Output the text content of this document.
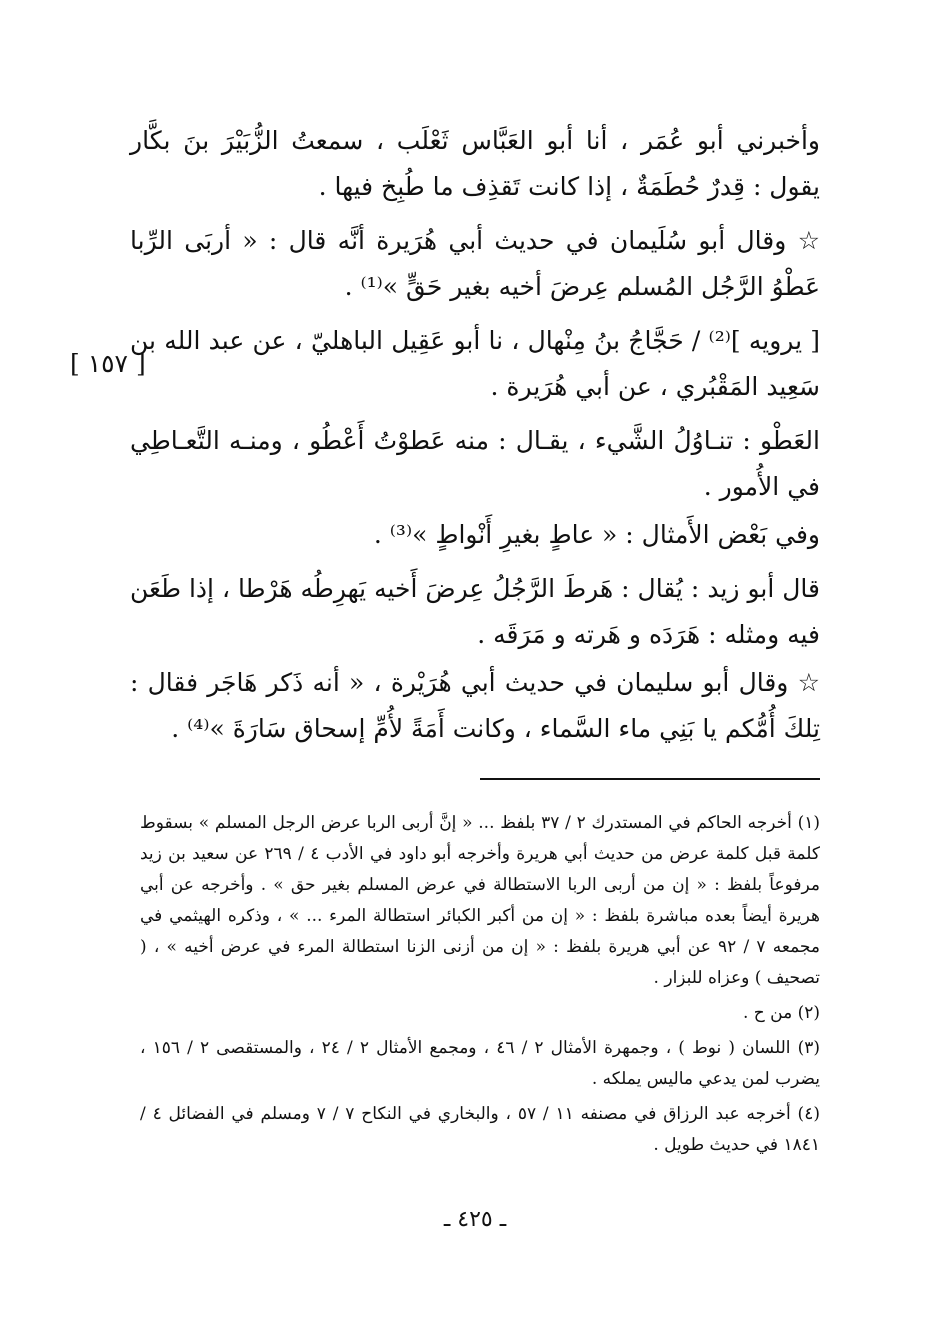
وأخبرني أبو عُمَر ، أنا أبو العَبَّاس ثَعْلَب ، سمعتُ الزُّبَيْرَ بنَ بكَّار يقول : قِدرٌ حُطَمَةٌ ، إذا كانت تَقذِف ما طُبِخ فيها .

☆ وقال أبو سُلَيمان في حديث أبي هُرَيرة أنَّه قال : « أربَى الرِّبا عَطْوُ الرَّجُل المُسلم عِرضَ أخيه بغير حَقٍّ »⁽¹⁾ .

[ يرويه ]⁽²⁾ / حَجَّاجُ بنُ مِنْهال ، نا أبو عَقِيل الباهليّ ، عن عبد الله بن سَعِيد المَقْبُري ، عن أبي هُرَيرة .

العَطْو : تنـاوُلُ الشَّيء ، يقـال : منه عَطوْتُ أَعْطُو ، ومنـه التَّعـاطِي في الأُمور .

وفي بَعْض الأَمثال : « عاطٍ بغيرِ أَنْواطٍ »⁽³⁾ .

قال أبو زيد : يُقال : هَرطَ الرَّجُلُ عِرضَ أَخيه يَهرِطُه هَرْطا ، إذا طَعَن فيه ومثله : هَرَدَه و هَرته و مَرَقَه .

☆ وقال أبو سليمان في حديث أبي هُرَيْرة ، « أنه ذَكر هَاجَر فقال : تِلكَ أُمُّكم يا بَنِي ماء السَّماء ، وكانت أَمَةً لأُمِّ إسحاق سَارَةَ »⁽⁴⁾ .

[ ١٥٧ ]

(١) أخرجه الحاكم في المستدرك ٢ / ٣٧ بلفظ ... « إنَّ أربى الربا عرض الرجل المسلم » بسقوط كلمة قبل كلمة عرض من حديث أبي هريرة وأخرجه أبو داود في الأدب ٤ / ٢٦٩ عن سعيد بن زيد مرفوعاً بلفظ : « إن من أربى الربا الاستطالة في عرض المسلم بغير حق » . وأخرجه عن أبي هريرة أيضاً بعده مباشرة بلفظ : « إن من أكبر الكبائر استطالة المرء ... » ، وذكره الهيثمي في مجمعه ٧ / ٩٢ عن أبي هريرة بلفظ : « إن من أزنى الزنا استطالة المرء في عرض أخيه » ، ( تصحيف ) وعزاه للبزار .

(٢) من ح .

(٣) اللسان ( نوط ) ، وجمهرة الأمثال ٢ / ٤٦ ، ومجمع الأمثال ٢ / ٢٤ ، والمستقصى ٢ / ١٥٦ ، يضرب لمن يدعي ماليس يملكه .

(٤) أخرجه عبد الرزاق في مصنفه ١١ / ٥٧ ، والبخاري في النكاح ٧ / ٧ ومسلم في الفضائل ٤ / ١٨٤١ في حديث طويل .

ـ ٤٢٥ ـ
